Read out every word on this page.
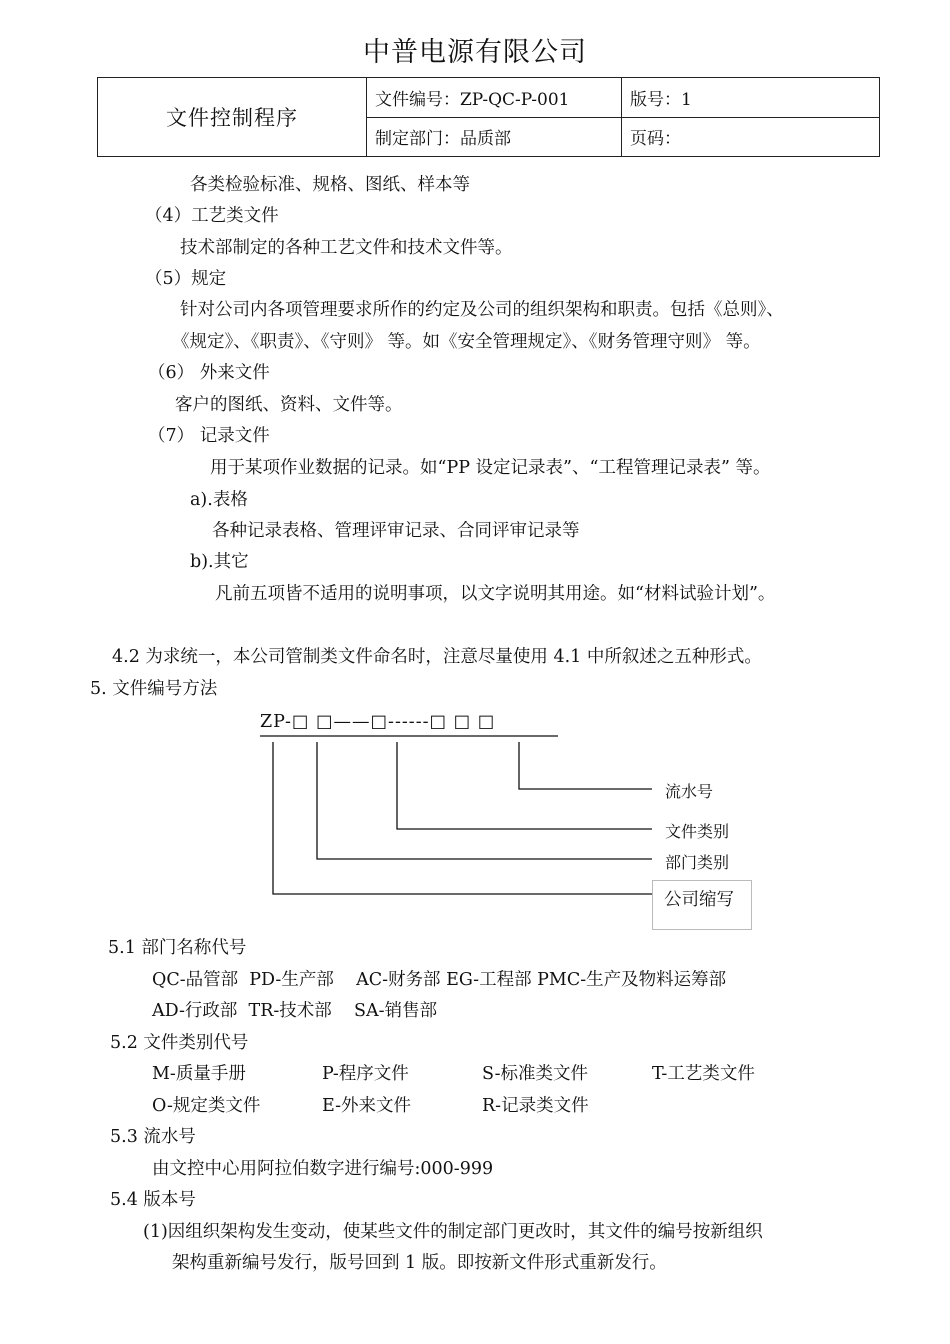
中普电源有限公司
文件控制程序	文件编号：ZP-QC-P-001	版号：1
	制定部门：品质部	页码：
各类检验标准、规格、图纸、样本等
（4）工艺类文件
技术部制定的各种工艺文件和技术文件等。
（5）规定
针对公司内各项管理要求所作的约定及公司的组织架构和职责。包括《总则》、
《规定》、《职责》、《守则》 等。如《安全管理规定》、《财务管理守则》 等。
（6） 外来文件
客户的图纸、资料、文件等。
（7） 记录文件
用于某项作业数据的记录。如“PP 设定记录表”、“工程管理记录表” 等。
a).表格
各种记录表格、管理评审记录、合同评审记录等
b).其它
凡前五项皆不适用的说明事项，以文字说明其用途。如“材料试验计划”。
4.2 为求统一，本公司管制类文件命名时，注意尽量使用 4.1 中所叙述之五种形式。
5. 文件编号方法
ZP-□ □——□------□ □ □
流水号
文件类别
部门类别
公司缩写
5.1 部门名称代号
QC-品管部  PD-生产部    AC-财务部 EG-工程部 PMC-生产及物料运筹部
AD-行政部  TR-技术部    SA-销售部
5.2 文件类别代号
M-质量手册	P-程序文件	S-标准类文件	T-工艺类文件
O-规定类文件	E-外来文件	R-记录类文件
5.3 流水号
由文控中心用阿拉伯数字进行编号:000-999
5.4 版本号
(1)因组织架构发生变动，使某些文件的制定部门更改时，其文件的编号按新组织
架构重新编号发行，版号回到 1 版。即按新文件形式重新发行。
